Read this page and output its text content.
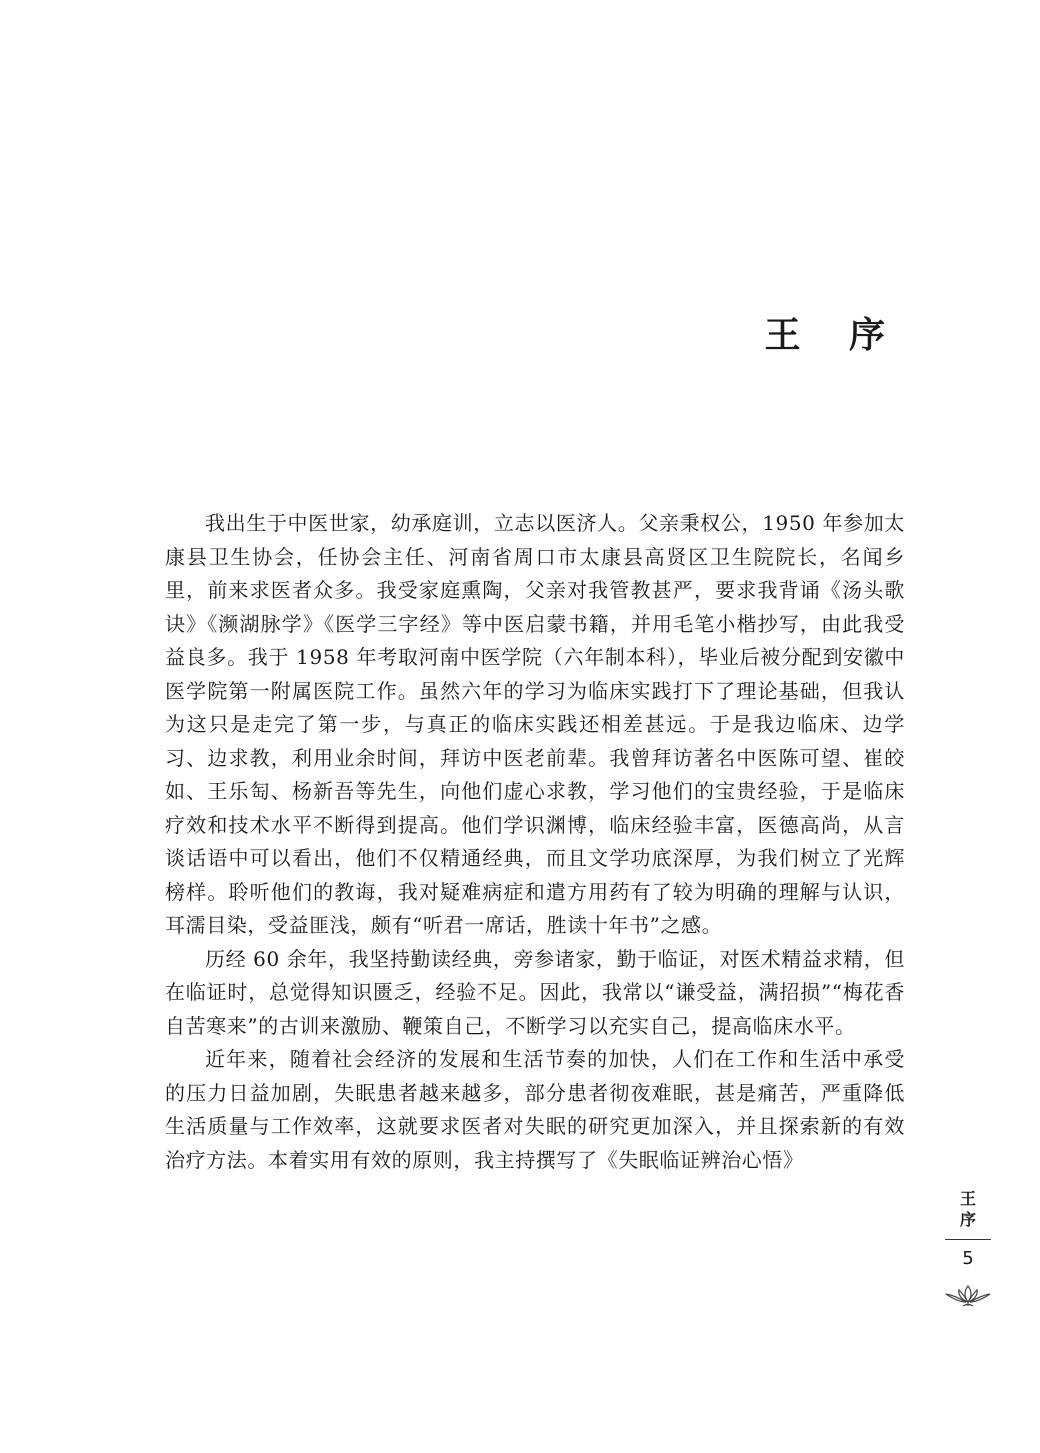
王 序

我出生于中医世家，幼承庭训，立志以医济人。父亲秉权公，1950 年参加太康县卫生协会，任协会主任、河南省周口市太康县高贤区卫生院院长，名闻乡里，前来求医者众多。我受家庭熏陶，父亲对我管教甚严，要求我背诵《汤头歌诀》《濒湖脉学》《医学三字经》等中医启蒙书籍，并用毛笔小楷抄写，由此我受益良多。我于 1958 年考取河南中医学院（六年制本科），毕业后被分配到安徽中医学院第一附属医院工作。虽然六年的学习为临床实践打下了理论基础，但我认为这只是走完了第一步，与真正的临床实践还相差甚远。于是我边临床、边学习、边求教，利用业余时间，拜访中医老前辈。我曾拜访著名中医陈可望、崔皎如、王乐匋、杨新吾等先生，向他们虚心求教，学习他们的宝贵经验，于是临床疗效和技术水平不断得到提高。他们学识渊博，临床经验丰富，医德高尚，从言谈话语中可以看出，他们不仅精通经典，而且文学功底深厚，为我们树立了光辉榜样。聆听他们的教诲，我对疑难病症和遣方用药有了较为明确的理解与认识，耳濡目染，受益匪浅，颇有“听君一席话，胜读十年书”之感。

历经 60 余年，我坚持勤读经典，旁参诸家，勤于临证，对医术精益求精，但在临证时，总觉得知识匮乏，经验不足。因此，我常以“谦受益，满招损”“梅花香自苦寒来”的古训来激励、鞭策自己，不断学习以充实自己，提高临床水平。

近年来，随着社会经济的发展和生活节奏的加快，人们在工作和生活中承受的压力日益加剧，失眠患者越来越多，部分患者彻夜难眠，甚是痛苦，严重降低生活质量与工作效率，这就要求医者对失眠的研究更加深入，并且探索新的有效治疗方法。本着实用有效的原则，我主持撰写了《失眠临证辨治心悟》

王序
5
